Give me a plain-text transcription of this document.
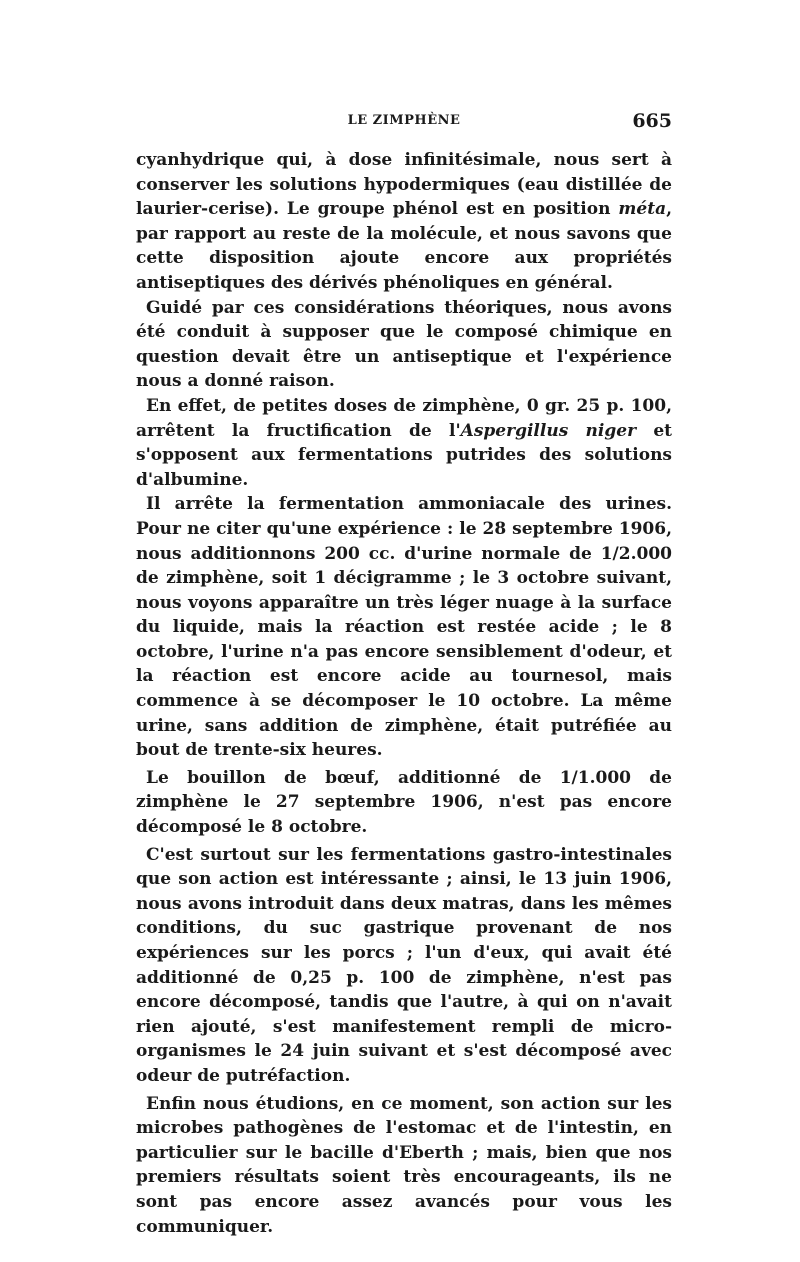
LE ZIMPHÈNE	665

cyanhydrique qui, à dose infinitésimale, nous sert à conserver les solutions hypodermiques (eau distillée de laurier-cerise). Le groupe phénol est en position méta, par rapport au reste de la molécule, et nous savons que cette disposition ajoute encore aux propriétés antiseptiques des dérivés phénoliques en général.

Guidé par ces considérations théoriques, nous avons été conduit à supposer que le composé chimique en question devait être un antiseptique et l'expérience nous a donné raison.

En effet, de petites doses de zimphène, 0 gr. 25 p. 100, arrêtent la fructification de l'Aspergillus niger et s'opposent aux fermentations putrides des solutions d'albumine.

Il arrête la fermentation ammoniacale des urines. Pour ne citer qu'une expérience : le 28 septembre 1906, nous additionnons 200 cc. d'urine normale de 1/2.000 de zimphène, soit 1 décigramme ; le 3 octobre suivant, nous voyons apparaître un très léger nuage à la surface du liquide, mais la réaction est restée acide ; le 8 octobre, l'urine n'a pas encore sensiblement d'odeur, et la réaction est encore acide au tournesol, mais commence à se décomposer le 10 octobre. La même urine, sans addition de zimphène, était putréfiée au bout de trente-six heures.

Le bouillon de bœuf, additionné de 1/1.000 de zimphène le 27 septembre 1906, n'est pas encore décomposé le 8 octobre.

C'est surtout sur les fermentations gastro-intestinales que son action est intéressante ; ainsi, le 13 juin 1906, nous avons introduit dans deux matras, dans les mêmes conditions, du suc gastrique provenant de nos expériences sur les porcs ; l'un d'eux, qui avait été additionné de 0,25 p. 100 de zimphène, n'est pas encore décomposé, tandis que l'autre, à qui on n'avait rien ajouté, s'est manifestement rempli de micro-organismes le 24 juin suivant et s'est décomposé avec odeur de putréfaction.

Enfin nous étudions, en ce moment, son action sur les microbes pathogènes de l'estomac et de l'intestin, en particulier sur le bacille d'Eberth ; mais, bien que nos premiers résultats soient très encourageants, ils ne sont pas encore assez avancés pour vous les communiquer.
